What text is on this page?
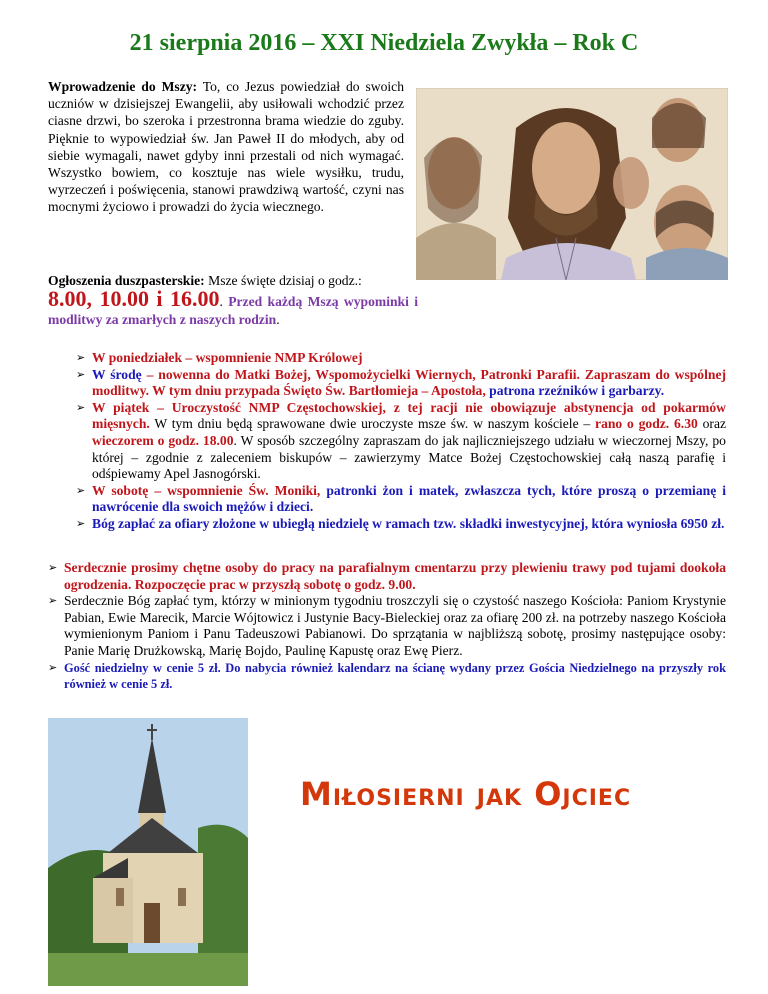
21 sierpnia 2016 – XXI Niedziela Zwykła – Rok C
Wprowadzenie do Mszy: To, co Jezus powiedział do swoich uczniów w dzisiejszej Ewangelii, aby usiłowali wchodzić przez ciasne drzwi, bo szeroka i przestronna brama wiedzie do zguby. Pięknie to wypowiedział św. Jan Paweł II do młodych, aby od siebie wymagali, nawet gdyby inni przestali od nich wymagać. Wszystko bowiem, co kosztuje nas wiele wysiłku, trudu, wyrzeczeń i poświęcenia, stanowi prawdziwą wartość, czyni nas mocnymi życiowo i prowadzi do życia wiecznego.
Ogłoszenia duszpasterskie: Msze święte dzisiaj o godz.:
8.00, 10.00 i 16.00. Przed każdą Mszą wypominki i modlitwy za zmarłych z naszych rodzin.
➢ W poniedziałek – wspomnienie NMP Królowej
➢ W środę – nowenna do Matki Bożej, Wspomożycielki Wiernych, Patronki Parafii. Zapraszam do wspólnej modlitwy. W tym dniu przypada Święto Św. Bartłomieja – Apostoła, patrona rzeźników i garbarzy.
➢ W piątek – Uroczystość NMP Częstochowskiej, z tej racji nie obowiązuje abstynencja od pokarmów mięsnych. W tym dniu będą sprawowane dwie uroczyste msze św. w naszym kościele – rano o godz. 6.30 oraz wieczorem o godz. 18.00. W sposób szczególny zapraszam do jak najliczniejszego udziału w wieczornej Mszy, po której – zgodnie z zaleceniem biskupów – zawierzymy Matce Bożej Częstochowskiej całą naszą parafię i odśpiewamy Apel Jasnogórski.
➢ W sobotę – wspomnienie Św. Moniki, patronki żon i matek, zwłaszcza tych, które proszą o przemianę i nawrócenie dla swoich mężów i dzieci.
➢ Bóg zapłać za ofiary złożone w ubiegłą niedzielę w ramach tzw. składki inwestycyjnej, która wyniosła 6950 zł.
➢ Serdecznie prosimy chętne osoby do pracy na parafialnym cmentarzu przy plewieniu trawy pod tujami dookoła ogrodzenia. Rozpoczęcie prac w przyszłą sobotę o godz. 9.00.
➢ Serdecznie Bóg zapłać tym, którzy w minionym tygodniu troszczyli się o czystość naszego Kościoła: Paniom Krystynie Pabian, Ewie Marecik, Marcie Wójtowicz i Justynie Bacy-Bieleckiej oraz za ofiarę 200 zł. na potrzeby naszego Kościoła wymienionym Paniom i Panu Tadeuszowi Pabianowi. Do sprzątania w najbliższą sobotę, prosimy następujące osoby: Panie Marię Drużkowską, Marię Bojdo, Paulinę Kapustę oraz Ewę Pierz.
➢ Gość niedzielny w cenie 5 zł. Do nabycia również kalendarz na ścianę wydany przez Gościa Niedzielnego na przyszły rok również w cenie 5 zł.
Miłosierni jak Ojciec
